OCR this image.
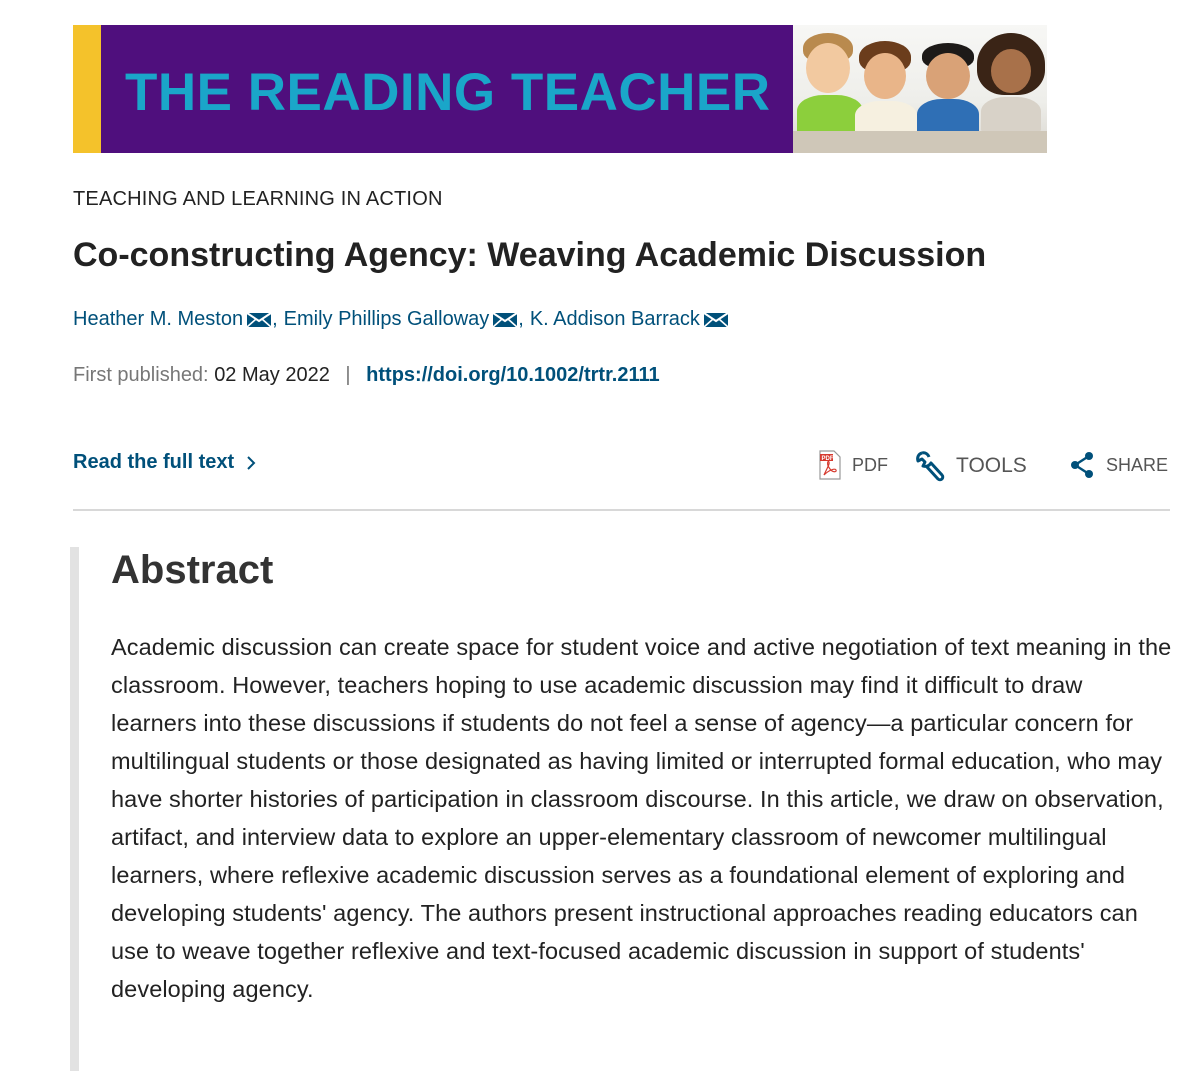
THE READING TEACHER
TEACHING AND LEARNING IN ACTION
Co-constructing Agency: Weaving Academic Discussion
Heather M. Meston , Emily Phillips Galloway , K. Addison Barrack
First published: 02 May 2022 | https://doi.org/10.1002/trtr.2111
Read the full text	PDF PDF	TOOLS	SHARE
Abstract

Academic discussion can create space for student voice and active negotiation of text meaning in the classroom. However, teachers hoping to use academic discussion may find it difficult to draw learners into these discussions if students do not feel a sense of agency—a particular concern for multilingual students or those designated as having limited or interrupted formal education, who may have shorter histories of participation in classroom discourse. In this article, we draw on observation, artifact, and interview data to explore an upper-elementary classroom of newcomer multilingual learners, where reflexive academic discussion serves as a foundational element of exploring and developing students' agency. The authors present instructional approaches reading educators can use to weave together reflexive and text-focused academic discussion in support of students' developing agency.
